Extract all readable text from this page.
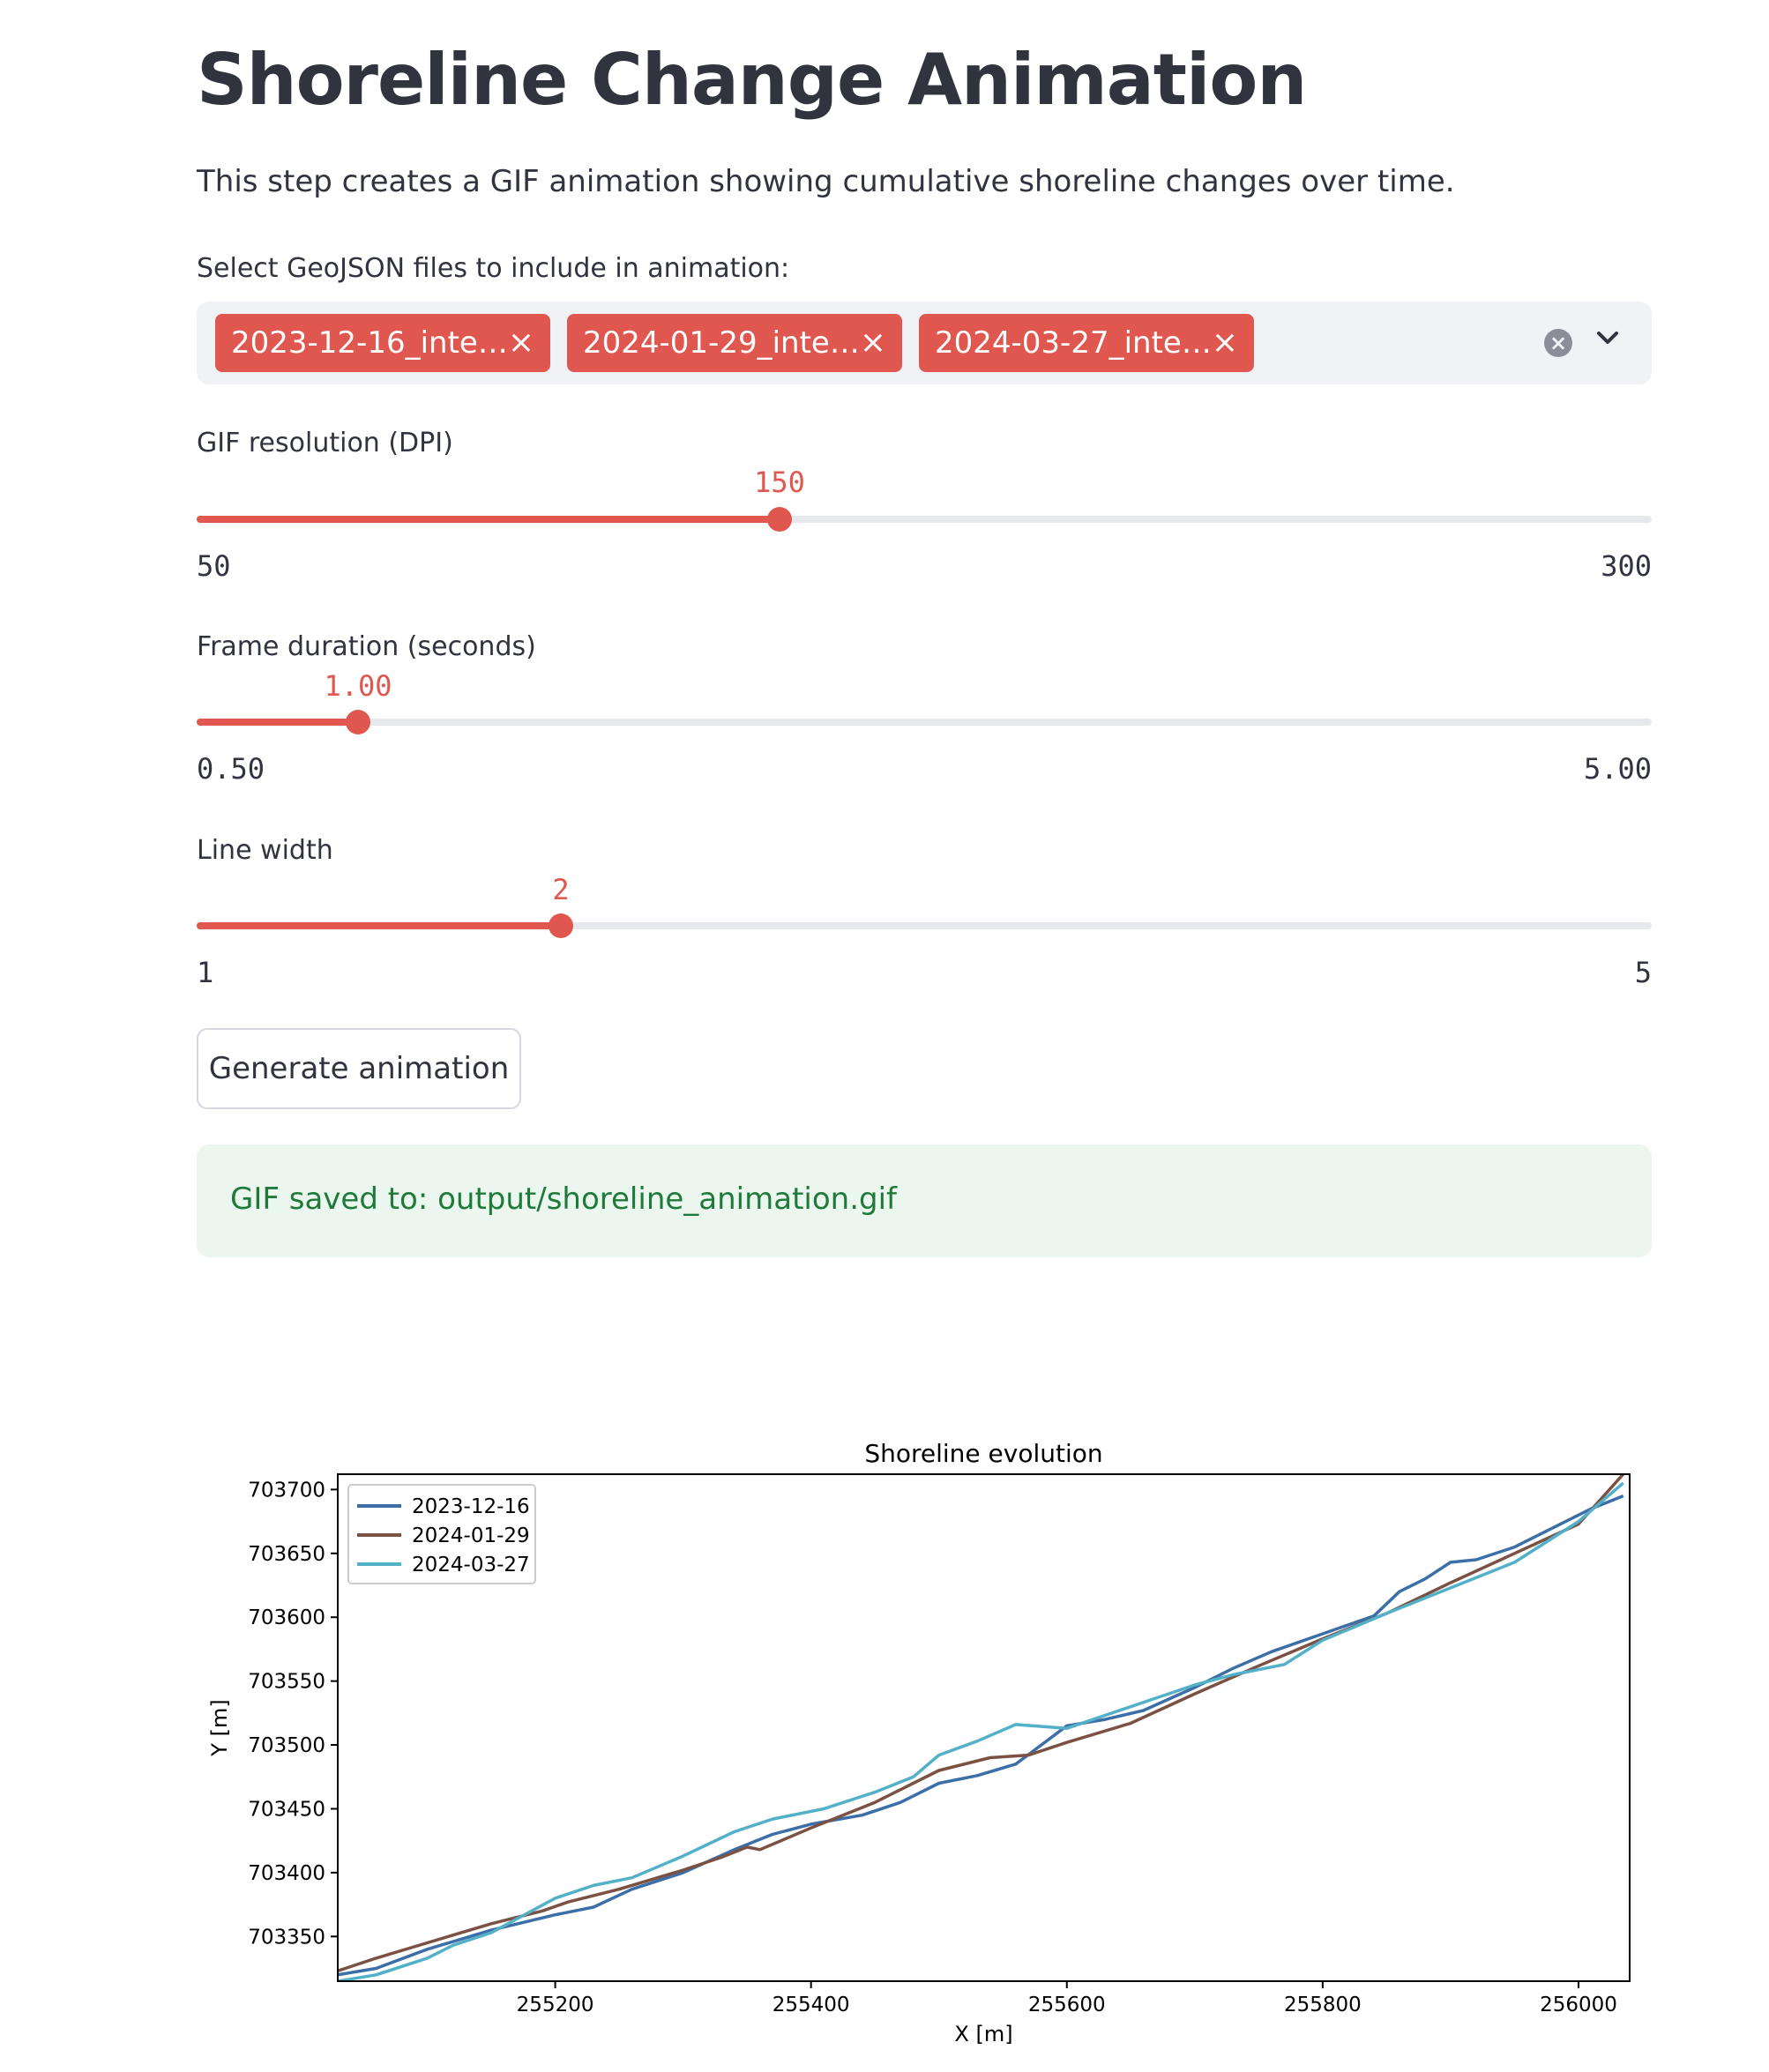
Shoreline Change Animation
This step creates a GIF animation showing cumulative shoreline changes over time.
Select GeoJSON files to include in animation:
2023-12-16_inte… ×	2024-01-29_inte… ×	2024-03-27_inte… ×	×
GIF resolution (DPI)
150
50	300
Frame duration (seconds)
1.00
0.50	5.00
Line width
2
1	5
Generate animation
GIF saved to: output/shoreline_animation.gif
Shoreline evolution
255200	255400	255600	255800	256000
703350
703400
703450
703500
703550
703600
703650
703700
X [m]
Y [m]
2023-12-16
2024-01-29
2024-03-27
